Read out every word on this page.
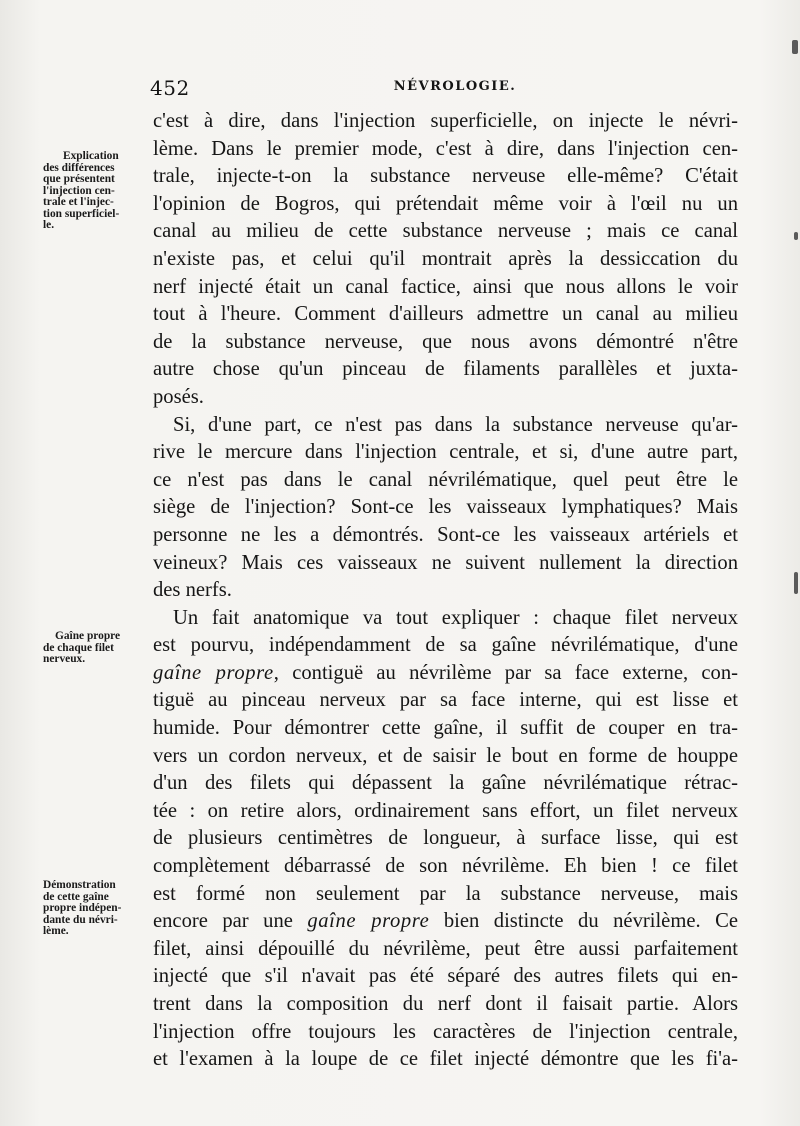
452	NÉVROLOGIE.
Explication
des différences
que présentent
l'injection cen-
trale et l'injec-
tion superficiel-
le.
Gaîne propre
de chaque filet
nerveux.
Démonstration
de cette gaîne
propre indépen-
dante du névri-
lème.
c'est à dire, dans l'injection superficielle, on injecte le névri-
lème. Dans le premier mode, c'est à dire, dans l'injection cen-
trale, injecte-t-on la substance nerveuse elle-même? C'était
l'opinion de Bogros, qui prétendait même voir à l'œil nu un
canal au milieu de cette substance nerveuse ; mais ce canal
n'existe pas, et celui qu'il montrait après la dessiccation du
nerf injecté était un canal factice, ainsi que nous allons le voir
tout à l'heure. Comment d'ailleurs admettre un canal au milieu
de la substance nerveuse, que nous avons démontré n'être
autre chose qu'un pinceau de filaments parallèles et juxta-
posés.
Si, d'une part, ce n'est pas dans la substance nerveuse qu'ar-
rive le mercure dans l'injection centrale, et si, d'une autre part,
ce n'est pas dans le canal névrilématique, quel peut être le
siège de l'injection? Sont-ce les vaisseaux lymphatiques? Mais
personne ne les a démontrés. Sont-ce les vaisseaux artériels et
veineux? Mais ces vaisseaux ne suivent nullement la direction
des nerfs.
Un fait anatomique va tout expliquer : chaque filet nerveux
est pourvu, indépendamment de sa gaîne névrilématique, d'une
gaîne propre, contiguë au névrilème par sa face externe, con-
tiguë au pinceau nerveux par sa face interne, qui est lisse et
humide. Pour démontrer cette gaîne, il suffit de couper en tra-
vers un cordon nerveux, et de saisir le bout en forme de houppe
d'un des filets qui dépassent la gaîne névrilématique rétrac-
tée : on retire alors, ordinairement sans effort, un filet nerveux
de plusieurs centimètres de longueur, à surface lisse, qui est
complètement débarrassé de son névrilème. Eh bien ! ce filet
est formé non seulement par la substance nerveuse, mais
encore par une gaîne propre bien distincte du névrilème. Ce
filet, ainsi dépouillé du névrilème, peut être aussi parfaitement
injecté que s'il n'avait pas été séparé des autres filets qui en-
trent dans la composition du nerf dont il faisait partie. Alors
l'injection offre toujours les caractères de l'injection centrale,
et l'examen à la loupe de ce filet injecté démontre que les fi'a-
